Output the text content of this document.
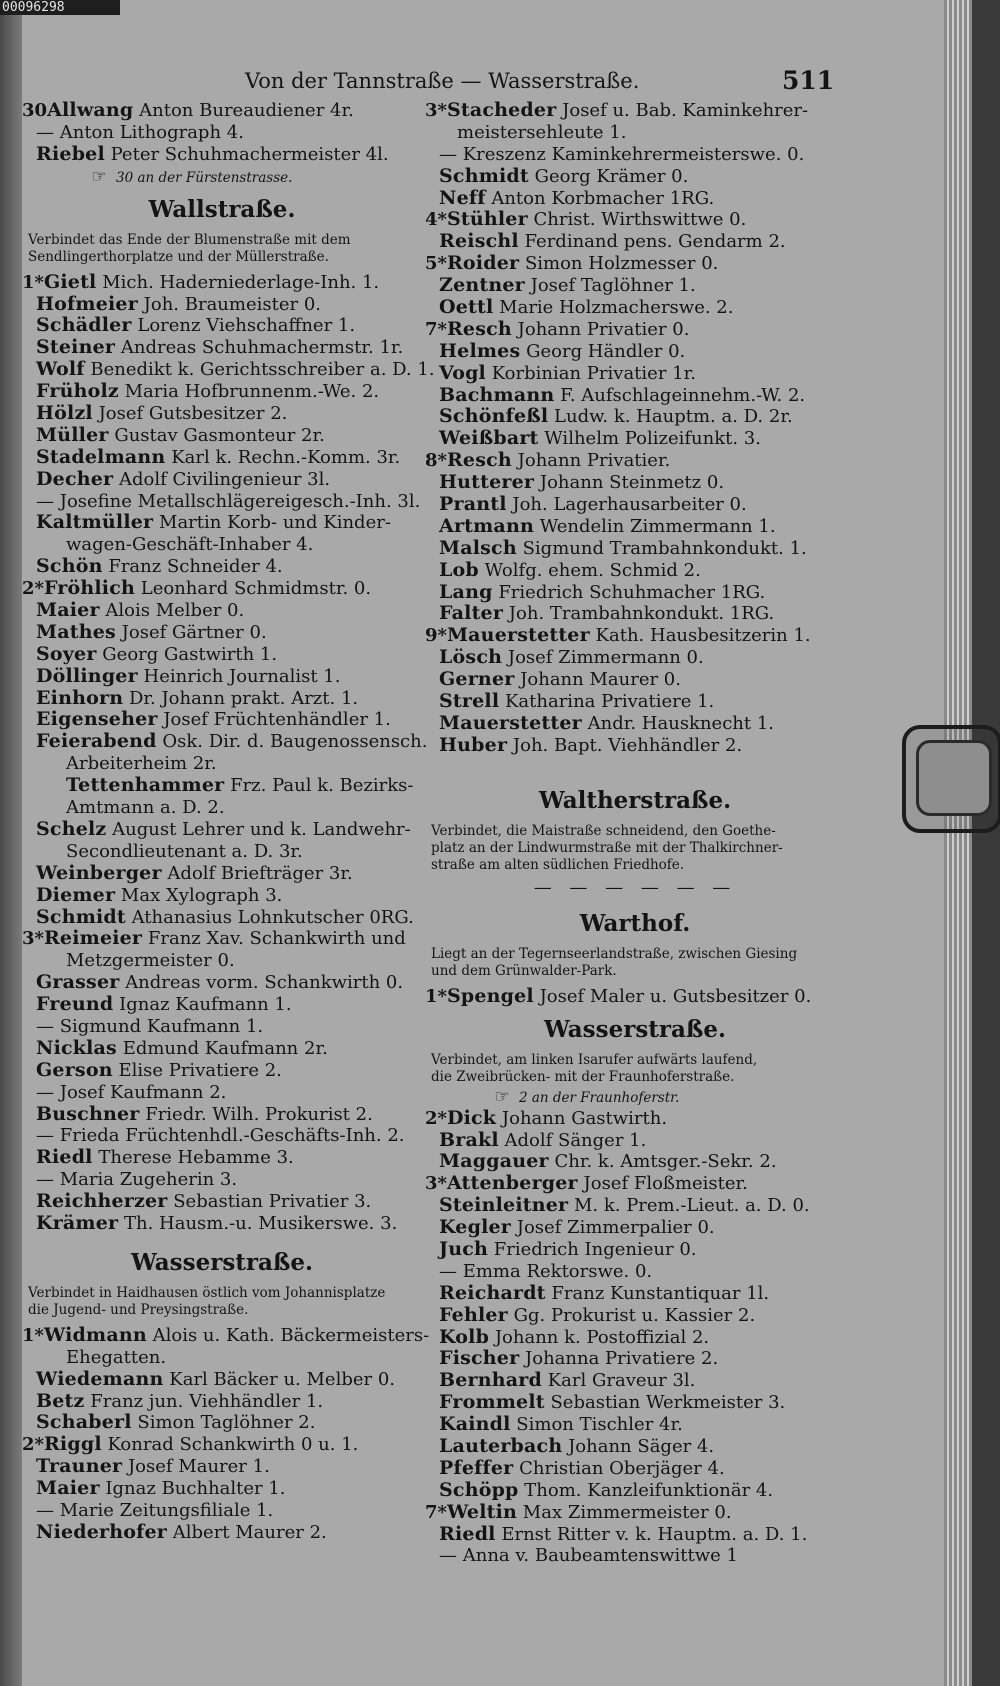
00096298
Von der Tannstraße — Wasserstraße.	511
30Allwang Anton Bureaudiener 4r.
— Anton Lithograph 4.
Riebel Peter Schuhmachermeister 4l.
☞ 30 an der Fürstenstrasse.
Wallstraße.
Verbindet das Ende der Blumenstraße mit dem
Sendlingerthorplatze und der Müllerstraße.
1*Gietl Mich. Haderniederlage-Inh. 1.
Hofmeier Joh. Braumeister 0.
Schädler Lorenz Viehschaffner 1.
Steiner Andreas Schuhmachermstr. 1r.
Wolf Benedikt k. Gerichtsschreiber a. D. 1.
Früholz Maria Hofbrunnenm.-We. 2.
Hölzl Josef Gutsbesitzer 2.
Müller Gustav Gasmonteur 2r.
Stadelmann Karl k. Rechn.-Komm. 3r.
Decher Adolf Civilingenieur 3l.
— Josefine Metallschlägereigesch.-Inh. 3l.
Kaltmüller Martin Korb- und Kinder-
wagen-Geschäft-Inhaber 4.
Schön Franz Schneider 4.
2*Fröhlich Leonhard Schmidmstr. 0.
Maier Alois Melber 0.
Mathes Josef Gärtner 0.
Soyer Georg Gastwirth 1.
Döllinger Heinrich Journalist 1.
Einhorn Dr. Johann prakt. Arzt. 1.
Eigenseher Josef Früchtenhändler 1.
Feierabend Osk. Dir. d. Baugenossensch.
Arbeiterheim 2r.
Tettenhammer Frz. Paul k. Bezirks-
Amtmann a. D. 2.
Schelz August Lehrer und k. Landwehr-
Secondlieutenant a. D. 3r.
Weinberger Adolf Briefträger 3r.
Diemer Max Xylograph 3.
Schmidt Athanasius Lohnkutscher 0RG.
3*Reimeier Franz Xav. Schankwirth und
Metzgermeister 0.
Grasser Andreas vorm. Schankwirth 0.
Freund Ignaz Kaufmann 1.
— Sigmund Kaufmann 1.
Nicklas Edmund Kaufmann 2r.
Gerson Elise Privatiere 2.
— Josef Kaufmann 2.
Buschner Friedr. Wilh. Prokurist 2.
— Frieda Früchtenhdl.-Geschäfts-Inh. 2.
Riedl Therese Hebamme 3.
— Maria Zugeherin 3.
Reichherzer Sebastian Privatier 3.
Krämer Th. Hausm.-u. Musikerswe. 3.
Wasserstraße.
Verbindet in Haidhausen östlich vom Johannisplatze
die Jugend- und Preysingstraße.
1*Widmann Alois u. Kath. Bäckermeisters-
Ehegatten.
Wiedemann Karl Bäcker u. Melber 0.
Betz Franz jun. Viehhändler 1.
Schaberl Simon Taglöhner 2.
2*Riggl Konrad Schankwirth 0 u. 1.
Trauner Josef Maurer 1.
Maier Ignaz Buchhalter 1.
— Marie Zeitungsfiliale 1.
Niederhofer Albert Maurer 2.
3*Stacheder Josef u. Bab. Kaminkehrer-
meistersehleute 1.
— Kreszenz Kaminkehrermeisterswe. 0.
Schmidt Georg Krämer 0.
Neff Anton Korbmacher 1RG.
4*Stühler Christ. Wirthswittwe 0.
Reischl Ferdinand pens. Gendarm 2.
5*Roider Simon Holzmesser 0.
Zentner Josef Taglöhner 1.
Oettl Marie Holzmacherswe. 2.
7*Resch Johann Privatier 0.
Helmes Georg Händler 0.
Vogl Korbinian Privatier 1r.
Bachmann F. Aufschlageinnehm.-W. 2.
Schönfeßl Ludw. k. Hauptm. a. D. 2r.
Weißbart Wilhelm Polizeifunkt. 3.
8*Resch Johann Privatier.
Hutterer Johann Steinmetz 0.
Prantl Joh. Lagerhausarbeiter 0.
Artmann Wendelin Zimmermann 1.
Malsch Sigmund Trambahnkondukt. 1.
Lob Wolfg. ehem. Schmid 2.
Lang Friedrich Schuhmacher 1RG.
Falter Joh. Trambahnkondukt. 1RG.
9*Mauerstetter Kath. Hausbesitzerin 1.
Lösch Josef Zimmermann 0.
Gerner Johann Maurer 0.
Strell Katharina Privatiere 1.
Mauerstetter Andr. Hausknecht 1.
Huber Joh. Bapt. Viehhändler 2.
Waltherstraße.
Verbindet, die Maistraße schneidend, den Goethe-
platz an der Lindwurmstraße mit der Thalkirchner-
straße am alten südlichen Friedhofe.
— — — — — —
Warthof.
Liegt an der Tegernseerlandstraße, zwischen Giesing
und dem Grünwalder-Park.
1*Spengel Josef Maler u. Gutsbesitzer 0.
Wasserstraße.
Verbindet, am linken Isarufer aufwärts laufend,
die Zweibrücken- mit der Fraunhoferstraße.
☞ 2 an der Fraunhoferstr.
2*Dick Johann Gastwirth.
Brakl Adolf Sänger 1.
Maggauer Chr. k. Amtsger.-Sekr. 2.
3*Attenberger Josef Floßmeister.
Steinleitner M. k. Prem.-Lieut. a. D. 0.
Kegler Josef Zimmerpalier 0.
Juch Friedrich Ingenieur 0.
— Emma Rektorswe. 0.
Reichardt Franz Kunstantiquar 1l.
Fehler Gg. Prokurist u. Kassier 2.
Kolb Johann k. Postoffizial 2.
Fischer Johanna Privatiere 2.
Bernhard Karl Graveur 3l.
Frommelt Sebastian Werkmeister 3.
Kaindl Simon Tischler 4r.
Lauterbach Johann Säger 4.
Pfeffer Christian Oberjäger 4.
Schöpp Thom. Kanzleifunktionär 4.
7*Weltin Max Zimmermeister 0.
Riedl Ernst Ritter v. k. Hauptm. a. D. 1.
— Anna v. Baubeamtenswittwe 1
